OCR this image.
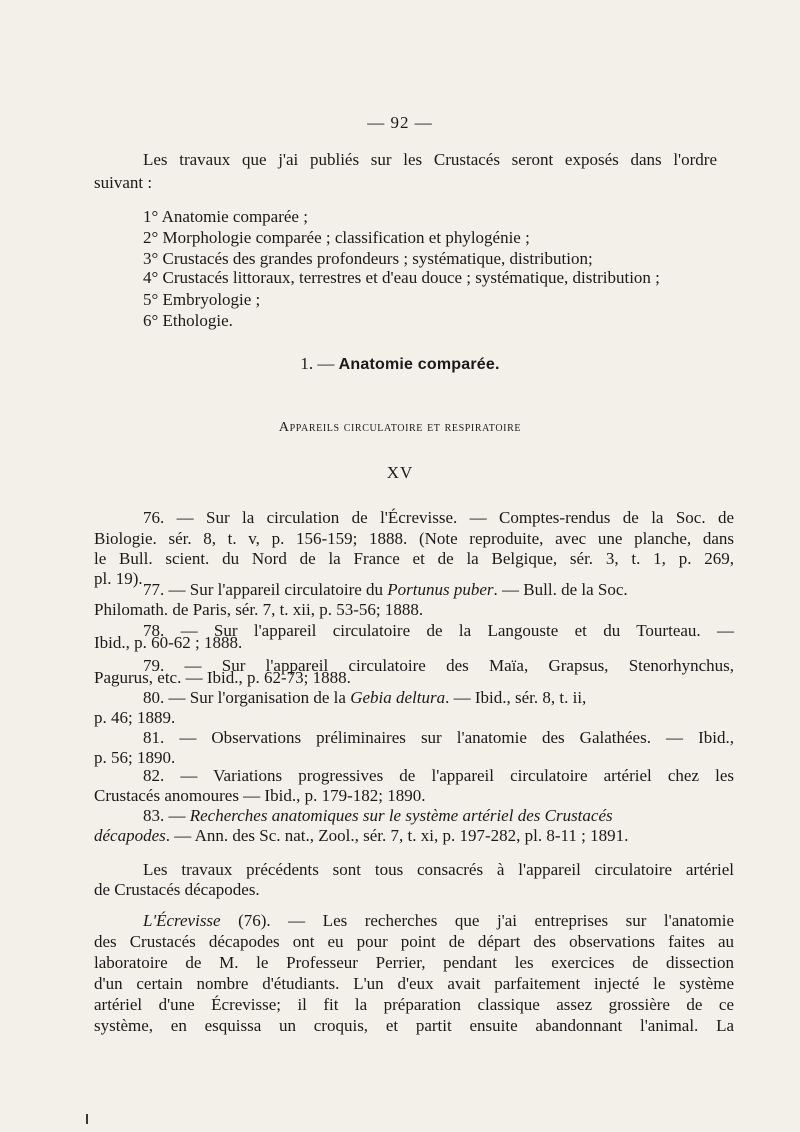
— 92 —
Les travaux que j'ai publiés sur les Crustacés seront exposés dans l'ordre
suivant :
1° Anatomie comparée ;
2° Morphologie comparée ; classification et phylogénie ;
3° Crustacés des grandes profondeurs ; systématique, distribution;
4° Crustacés littoraux, terrestres et d'eau douce ; systématique, distribution ;
5° Embryologie ;
6° Ethologie.
1. — Anatomie comparée.
Appareils circulatoire et respiratoire
XV
76. — Sur la circulation de l'Écrevisse. — Comptes-rendus de la Soc. de
Biologie. sér. 8, t. v, p. 156-159; 1888. (Note reproduite, avec une planche, dans
le Bull. scient. du Nord de la France et de la Belgique, sér. 3, t. 1, p. 269,
pl. 19).
77. — Sur l'appareil circulatoire du Portunus puber. — Bull. de la Soc.
Philomath. de Paris, sér. 7, t. xii, p. 53-56; 1888.
78. — Sur l'appareil circulatoire de la Langouste et du Tourteau. —
Ibid., p. 60-62 ; 1888.
79. — Sur l'appareil circulatoire des Maïa, Grapsus, Stenorhynchus,
Pagurus, etc. — Ibid., p. 62-73; 1888.
80. — Sur l'organisation de la Gebia deltura. — Ibid., sér. 8, t. ii,
p. 46; 1889.
81. — Observations préliminaires sur l'anatomie des Galathées. — Ibid.,
p. 56; 1890.
82. — Variations progressives de l'appareil circulatoire artériel chez les
Crustacés anomoures — Ibid., p. 179-182; 1890.
83. — Recherches anatomiques sur le système artériel des Crustacés
décapodes. — Ann. des Sc. nat., Zool., sér. 7, t. xi, p. 197-282, pl. 8-11 ; 1891.
Les travaux précédents sont tous consacrés à l'appareil circulatoire artériel
de Crustacés décapodes.
L'Écrevisse (76). — Les recherches que j'ai entreprises sur l'anatomie
des Crustacés décapodes ont eu pour point de départ des observations faites au
laboratoire de M. le Professeur Perrier, pendant les exercices de dissection
d'un certain nombre d'étudiants. L'un d'eux avait parfaitement injecté le système
artériel d'une Écrevisse; il fit la préparation classique assez grossière de ce
système, en esquissa un croquis, et partit ensuite abandonnant l'animal. La
